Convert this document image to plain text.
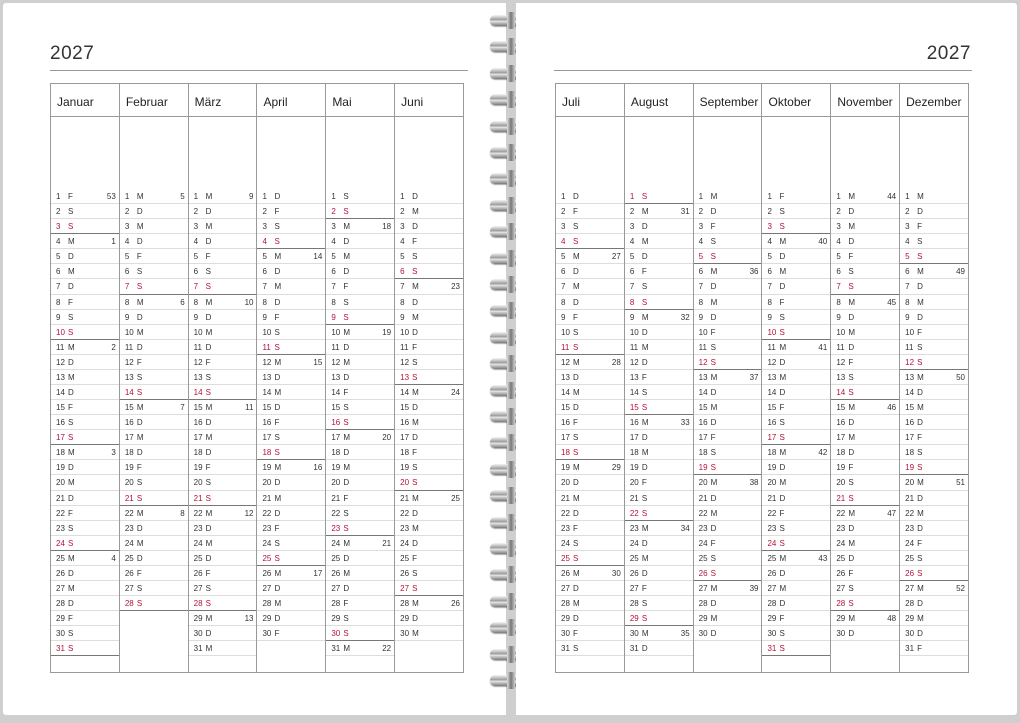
2027
Januar
1 F	53
2 S
3 S
4 M	1
5 D
6 M
7 D
8 F
9 S
10 S
11 M	2
12 D
13 M
14 D
15 F
16 S
17 S
18 M	3
19 D
20 M
21 D
22 F
23 S
24 S
25 M	4
26 D
27 M
28 D
29 F
30 S
31 S
Februar
1 M	5
2 D
3 M
4 D
5 F
6 S
7 S
8 M	6
9 D
10 M
11 D
12 F
13 S
14 S
15 M	7
16 D
17 M
18 D
19 F
20 S
21 S
22 M	8
23 D
24 M
25 D
26 F
27 S
28 S
März
1 M	9
2 D
3 M
4 D
5 F
6 S
7 S
8 M	10
9 D
10 M
11 D
12 F
13 S
14 S
15 M	11
16 D
17 M
18 D
19 F
20 S
21 S
22 M	12
23 D
24 M
25 D
26 F
27 S
28 S
29 M	13
30 D
31 M
April
1 D
2 F
3 S
4 S
5 M	14
6 D
7 M
8 D
9 F
10 S
11 S
12 M	15
13 D
14 M
15 D
16 F
17 S
18 S
19 M	16
20 D
21 M
22 D
23 F
24 S
25 S
26 M	17
27 D
28 M
29 D
30 F
Mai
1 S
2 S
3 M	18
4 D
5 M
6 D
7 F
8 S
9 S
10 M	19
11 D
12 M
13 D
14 F
15 S
16 S
17 M	20
18 D
19 M
20 D
21 F
22 S
23 S
24 M	21
25 D
26 M
27 D
28 F
29 S
30 S
31 M	22
Juni
1 D
2 M
3 D
4 F
5 S
6 S
7 M	23
8 D
9 M
10 D
11 F
12 S
13 S
14 M	24
15 D
16 M
17 D
18 F
19 S
20 S
21 M	25
22 D
23 M
24 D
25 F
26 S
27 S
28 M	26
29 D
30 M
2027
Juli
1 D
2 F
3 S
4 S
5 M	27
6 D
7 M
8 D
9 F
10 S
11 S
12 M	28
13 D
14 M
15 D
16 F
17 S
18 S
19 M	29
20 D
21 M
22 D
23 F
24 S
25 S
26 M	30
27 D
28 M
29 D
30 F
31 S
August
1 S
2 M	31
3 D
4 M
5 D
6 F
7 S
8 S
9 M	32
10 D
11 M
12 D
13 F
14 S
15 S
16 M	33
17 D
18 M
19 D
20 F
21 S
22 S
23 M	34
24 D
25 M
26 D
27 F
28 S
29 S
30 M	35
31 D
September
1 M
2 D
3 F
4 S
5 S
6 M	36
7 D
8 M
9 D
10 F
11 S
12 S
13 M	37
14 D
15 M
16 D
17 F
18 S
19 S
20 M	38
21 D
22 M
23 D
24 F
25 S
26 S
27 M	39
28 D
29 M
30 D
Oktober
1 F
2 S
3 S
4 M	40
5 D
6 M
7 D
8 F
9 S
10 S
11 M	41
12 D
13 M
14 D
15 F
16 S
17 S
18 M	42
19 D
20 M
21 D
22 F
23 S
24 S
25 M	43
26 D
27 M
28 D
29 F
30 S
31 S
November
1 M	44
2 D
3 M
4 D
5 F
6 S
7 S
8 M	45
9 D
10 M
11 D
12 F
13 S
14 S
15 M	46
16 D
17 M
18 D
19 F
20 S
21 S
22 M	47
23 D
24 M
25 D
26 F
27 S
28 S
29 M	48
30 D
Dezember
1 M
2 D
3 F
4 S
5 S
6 M	49
7 D
8 M
9 D
10 F
11 S
12 S
13 M	50
14 D
15 M
16 D
17 F
18 S
19 S
20 M	51
21 D
22 M
23 D
24 F
25 S
26 S
27 M	52
28 D
29 M
30 D
31 F
